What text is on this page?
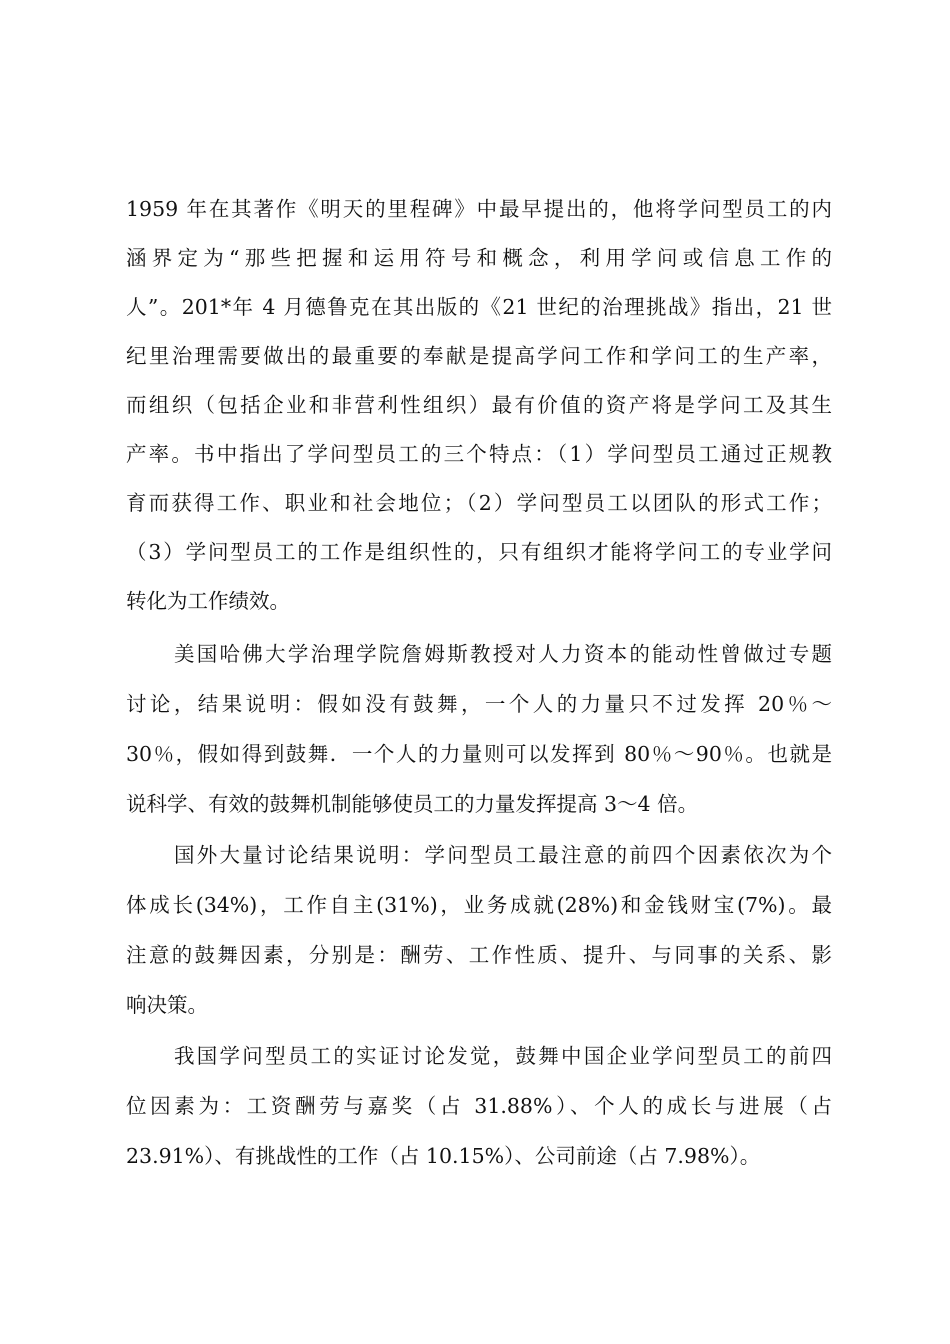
1959 年在其著作《明天的里程碑》中最早提出的，他将学问型员工的内
涵界定为“那些把握和运用符号和概念，利用学问或信息工作的
人”。201*年 4 月德鲁克在其出版的《21 世纪的治理挑战》指出，21 世
纪里治理需要做出的最重要的奉献是提高学问工作和学问工的生产率，
而组织（包括企业和非营利性组织）最有价值的资产将是学问工及其生
产率。书中指出了学问型员工的三个特点：（1）学问型员工通过正规教
育而获得工作、职业和社会地位；（2）学问型员工以团队的形式工作；
（3）学问型员工的工作是组织性的，只有组织才能将学问工的专业学问
转化为工作绩效。
美国哈佛大学治理学院詹姆斯教授对人力资本的能动性曾做过专题
讨论，结果说明：假如没有鼓舞，一个人的力量只不过发挥 20％～
30％，假如得到鼓舞．一个人的力量则可以发挥到 80％～90％。也就是
说科学、有效的鼓舞机制能够使员工的力量发挥提高 3～4 倍。
国外大量讨论结果说明：学问型员工最注意的前四个因素依次为个
体成长(34%)，工作自主(31%)，业务成就(28%)和金钱财宝(7%)。最
注意的鼓舞因素，分别是：酬劳、工作性质、提升、与同事的关系、影
响决策。
我国学问型员工的实证讨论发觉，鼓舞中国企业学问型员工的前四
位因素为：工资酬劳与嘉奖（占 31.88%）、个人的成长与进展（占
23.91%）、有挑战性的工作（占 10.15%）、公司前途（占 7.98%）。
